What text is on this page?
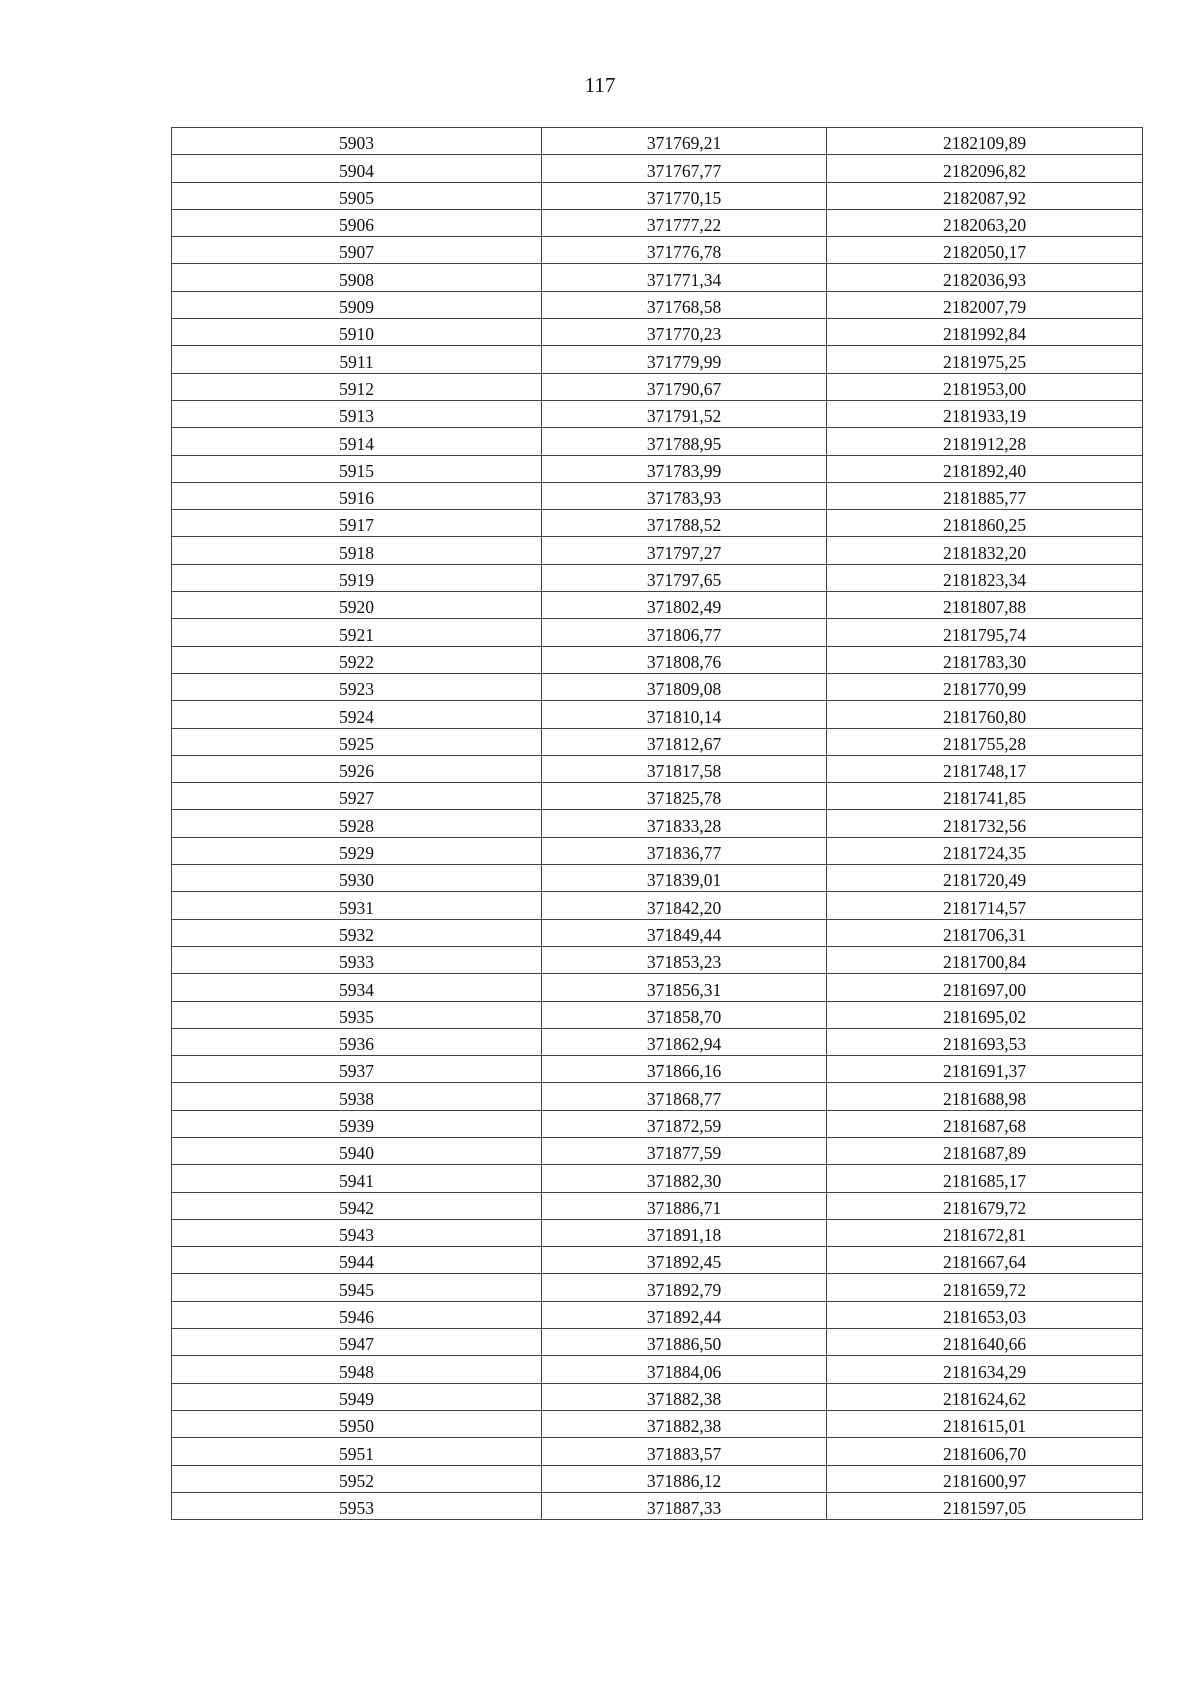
117
5903	371769,21	2182109,89
5904	371767,77	2182096,82
5905	371770,15	2182087,92
5906	371777,22	2182063,20
5907	371776,78	2182050,17
5908	371771,34	2182036,93
5909	371768,58	2182007,79
5910	371770,23	2181992,84
5911	371779,99	2181975,25
5912	371790,67	2181953,00
5913	371791,52	2181933,19
5914	371788,95	2181912,28
5915	371783,99	2181892,40
5916	371783,93	2181885,77
5917	371788,52	2181860,25
5918	371797,27	2181832,20
5919	371797,65	2181823,34
5920	371802,49	2181807,88
5921	371806,77	2181795,74
5922	371808,76	2181783,30
5923	371809,08	2181770,99
5924	371810,14	2181760,80
5925	371812,67	2181755,28
5926	371817,58	2181748,17
5927	371825,78	2181741,85
5928	371833,28	2181732,56
5929	371836,77	2181724,35
5930	371839,01	2181720,49
5931	371842,20	2181714,57
5932	371849,44	2181706,31
5933	371853,23	2181700,84
5934	371856,31	2181697,00
5935	371858,70	2181695,02
5936	371862,94	2181693,53
5937	371866,16	2181691,37
5938	371868,77	2181688,98
5939	371872,59	2181687,68
5940	371877,59	2181687,89
5941	371882,30	2181685,17
5942	371886,71	2181679,72
5943	371891,18	2181672,81
5944	371892,45	2181667,64
5945	371892,79	2181659,72
5946	371892,44	2181653,03
5947	371886,50	2181640,66
5948	371884,06	2181634,29
5949	371882,38	2181624,62
5950	371882,38	2181615,01
5951	371883,57	2181606,70
5952	371886,12	2181600,97
5953	371887,33	2181597,05
